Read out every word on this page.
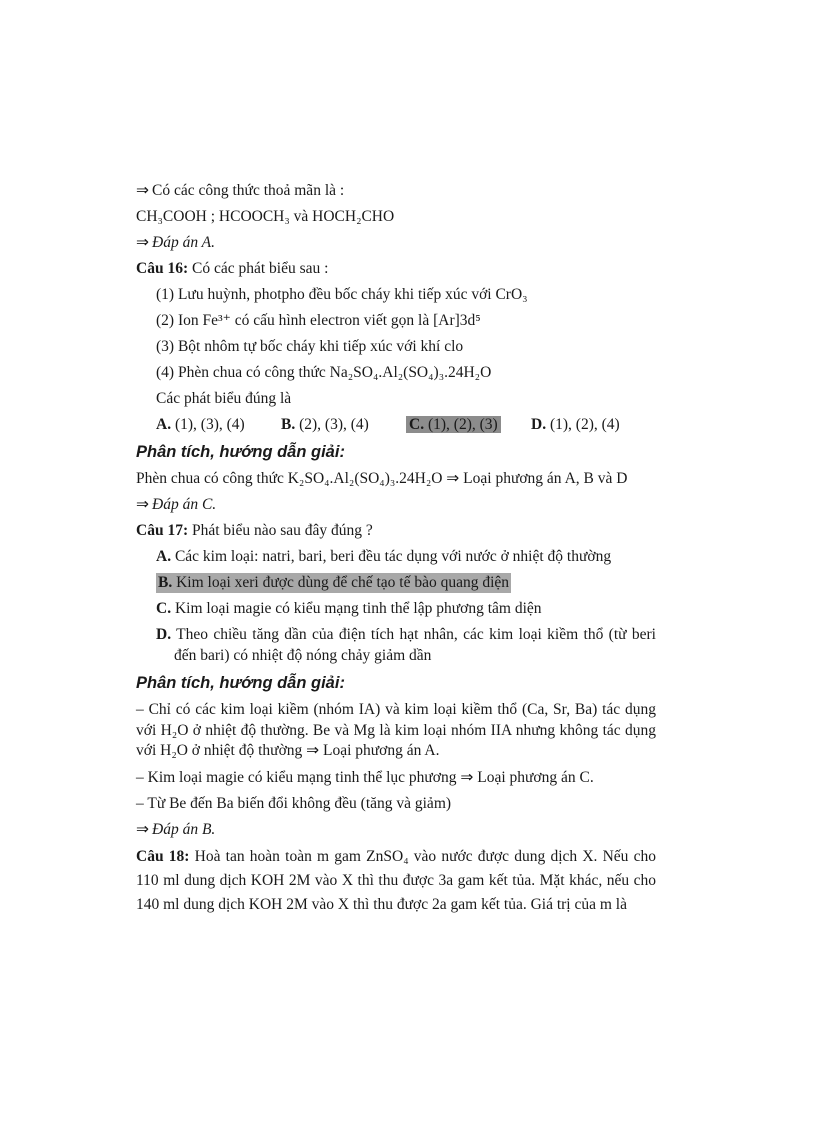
⇒ Có các công thức thoả mãn là :
CH₃COOH ; HCOOCH₃ và HOCH₂CHO
⇒ Đáp án A.
Câu 16:
Có các phát biểu sau :
(1) Lưu huỳnh, photpho đều bốc cháy khi tiếp xúc với CrO₃
(2) Ion Fe³⁺ có cấu hình electron viết gọn là [Ar]3d⁵
(3) Bột nhôm tự bốc cháy khi tiếp xúc với khí clo
(4) Phèn chua có công thức Na₂SO₄.Al₂(SO₄)₃.24H₂O
Các phát biểu đúng là
A. (1), (3), (4)	B. (2), (3), (4)	C. (1), (2), (3)	D. (1), (2), (4)
Phân tích, hướng dẫn giải:
Phèn chua có công thức K₂SO₄.Al₂(SO₄)₃.24H₂O ⇒ Loại phương án A, B và D
⇒ Đáp án C.
Câu 17:
Phát biểu nào sau đây đúng ?
A.
Các kim loại: natri, bari, beri đều tác dụng với nước ở nhiệt độ thường
B. Kim loại xeri được dùng để chế tạo tế bào quang điện
C.
Kim loại magie có kiểu mạng tinh thể lập phương tâm diện
D. Theo chiều tăng dần của điện tích hạt nhân, các kim loại kiềm thổ (từ beri đến bari) có nhiệt độ nóng chảy giảm dần
Phân tích, hướng dẫn giải:
– Chỉ có các kim loại kiềm (nhóm IA) và kim loại kiềm thổ (Ca, Sr, Ba) tác dụng với H₂O ở nhiệt độ thường. Be và Mg là kim loại nhóm IIA nhưng không tác dụng với H₂O ở nhiệt độ thường ⇒ Loại phương án A.
– Kim loại magie có kiểu mạng tinh thể lục phương ⇒ Loại phương án C.
– Từ Be đến Ba biến đổi không đều (tăng và giảm)
⇒ Đáp án B.
Câu 18: Hoà tan hoàn toàn m gam ZnSO₄ vào nước được dung dịch X. Nếu cho 110 ml dung dịch KOH 2M vào X thì thu được 3a gam kết tủa. Mặt khác, nếu cho 140 ml dung dịch KOH 2M vào X thì thu được 2a gam kết tủa. Giá trị của m là
